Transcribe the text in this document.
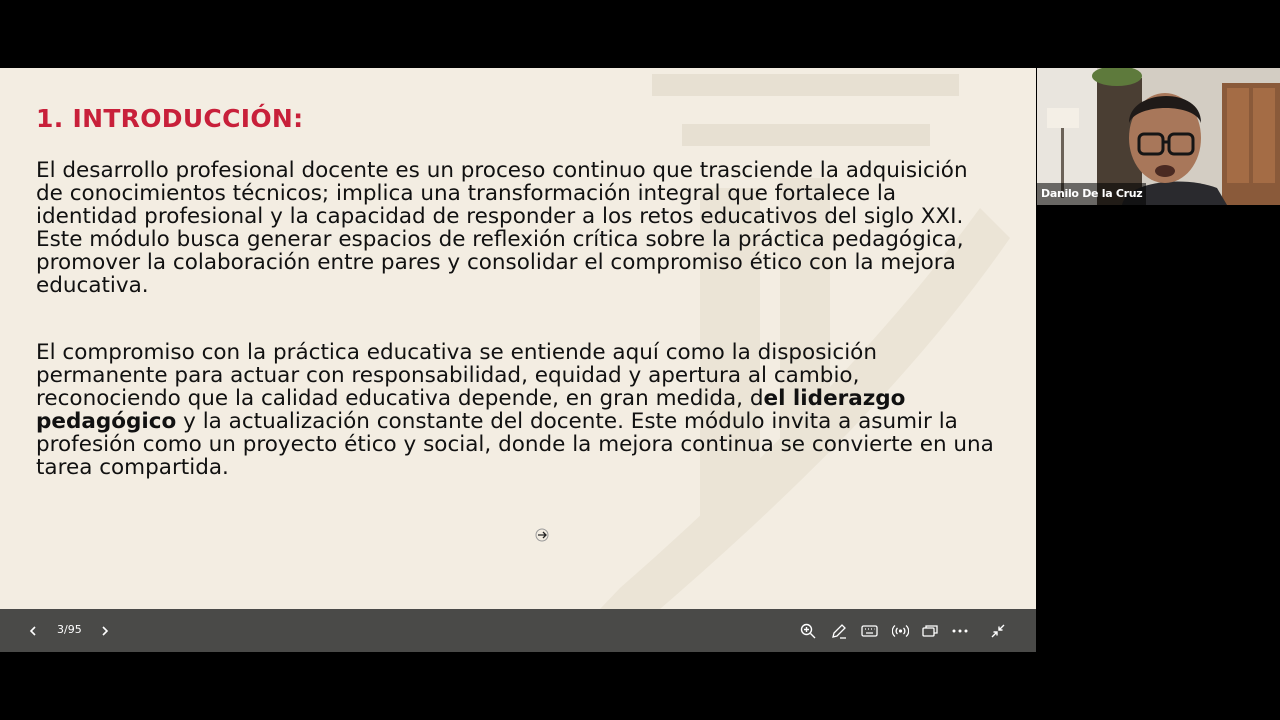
1. INTRODUCCIÓN:

El desarrollo profesional docente es un proceso continuo que trasciende la adquisición de conocimientos técnicos; implica una transformación integral que fortalece la identidad profesional y la capacidad de responder a los retos educativos del siglo XXI. Este módulo busca generar espacios de reflexión crítica sobre la práctica pedagógica, promover la colaboración entre pares y consolidar el compromiso ético con la mejora educativa.

El compromiso con la práctica educativa se entiende aquí como la disposición permanente para actuar con responsabilidad, equidad y apertura al cambio, reconociendo que la calidad educativa depende, en gran medida, del liderazgo pedagógico y la actualización constante del docente. Este módulo invita a asumir la profesión como un proyecto ético y social, donde la mejora continua se convierte en una tarea compartida.

3/95
Danilo De la Cruz
